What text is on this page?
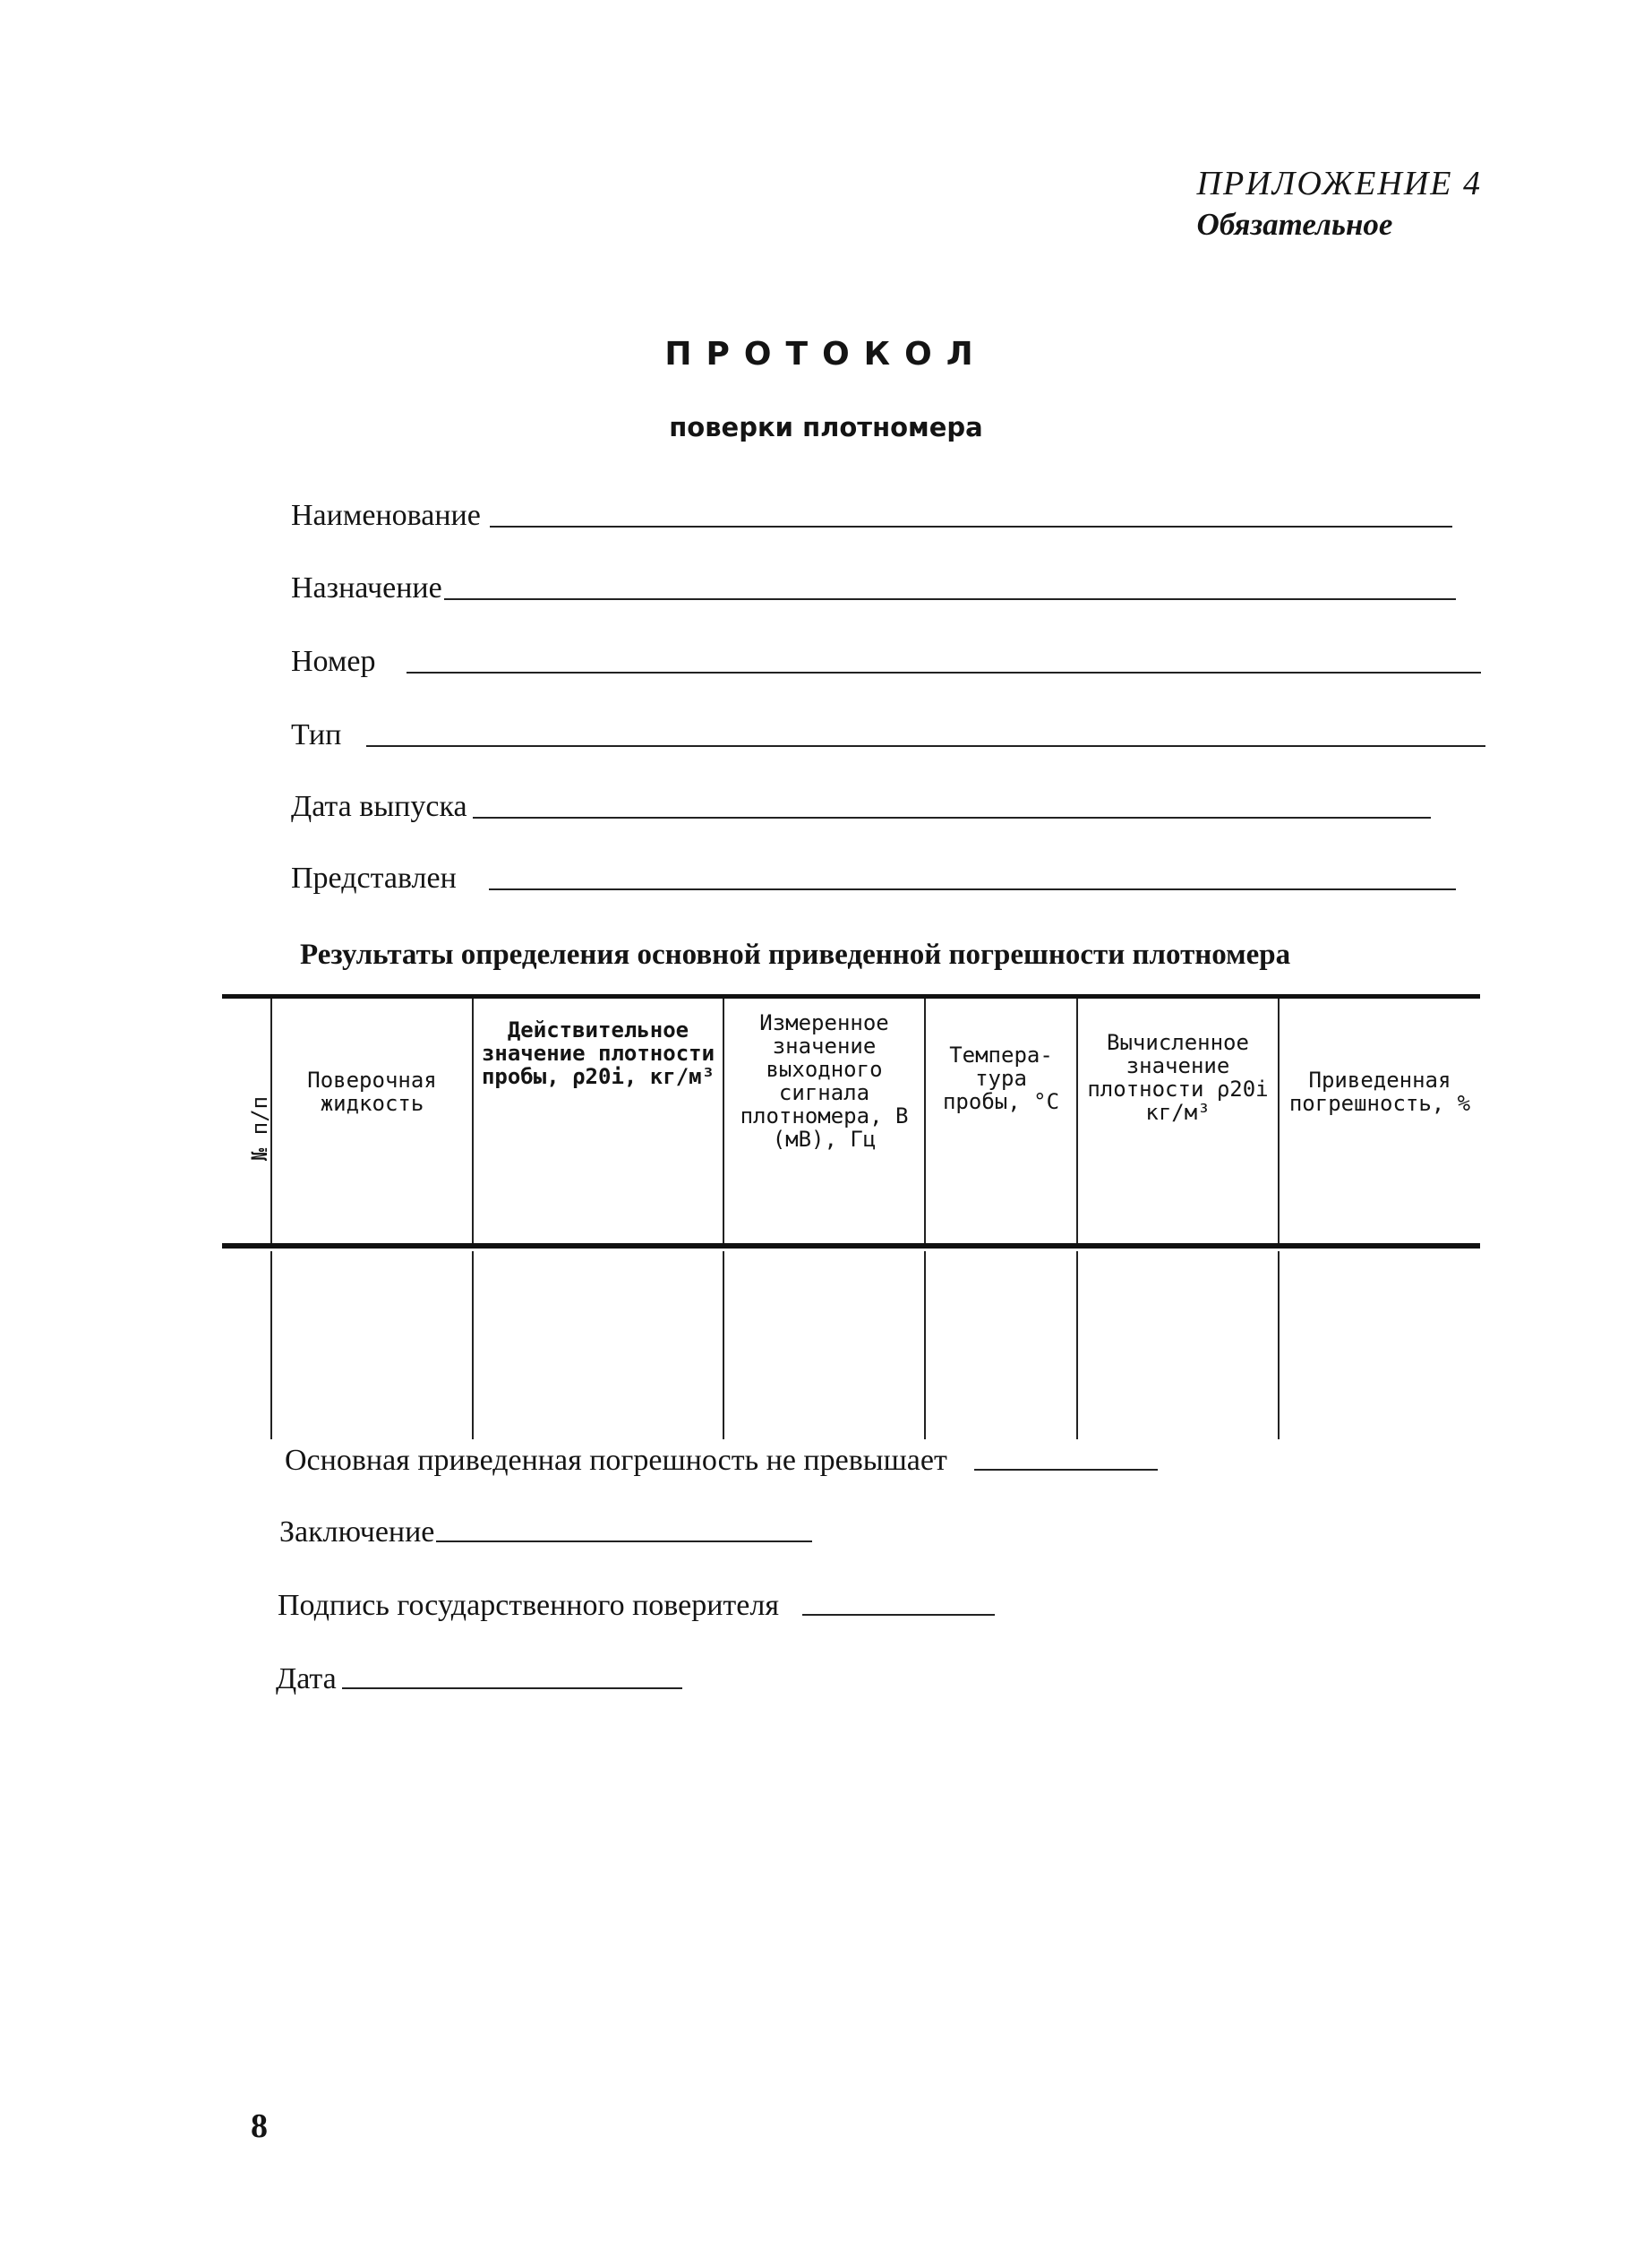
ПРИЛОЖЕНИЕ 4
Обязательное
ПРОТОКОЛ
поверки плотномера
Наименование
Назначение
Номер
Тип
Дата выпуска
Представлен
Результаты определения основной приведенной погрешности плотномера

№ п/п	Поверочная жидкость	Действительное значение плотности пробы, ρ20i, кг/м³	Измеренное значение выходного сигнала плотномера, В (мВ), Гц	Темпера-тура пробы, °С	Вычисленное значение плотности ρ20i кг/м³	Приведенная погрешность, %

Основная приведенная погрешность не превышает
Заключение
Подпись государственного поверителя
Дата
8
